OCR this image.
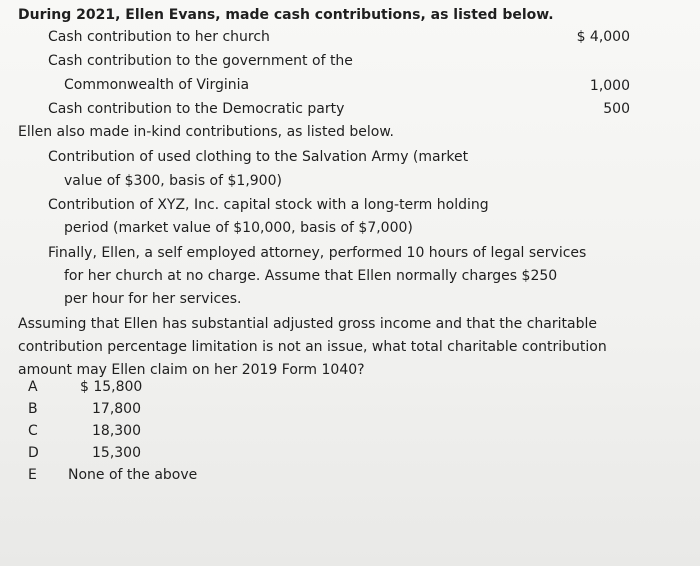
During 2021, Ellen Evans, made cash contributions, as listed below.
Cash contribution to her church	$ 4,000
Cash contribution to the government of the
Commonwealth of Virginia	1,000
Cash contribution to the Democratic party	500
Ellen also made in-kind contributions, as listed below.
Contribution of used clothing to the Salvation Army (market
value of $300, basis of $1,900)
Contribution of XYZ, Inc. capital stock with a long-term holding
period (market value of $10,000, basis of $7,000)
Finally, Ellen, a self employed attorney, performed 10 hours of legal services
for her church at no charge. Assume that Ellen normally charges $250
per hour for her services.
Assuming that Ellen has substantial adjusted gross income and that the charitable
contribution percentage limitation is not an issue, what total charitable contribution
amount may Ellen claim on her 2019 Form 1040?
A	$ 15,800
B	17,800
C	18,300
D	15,300
E None of the above
